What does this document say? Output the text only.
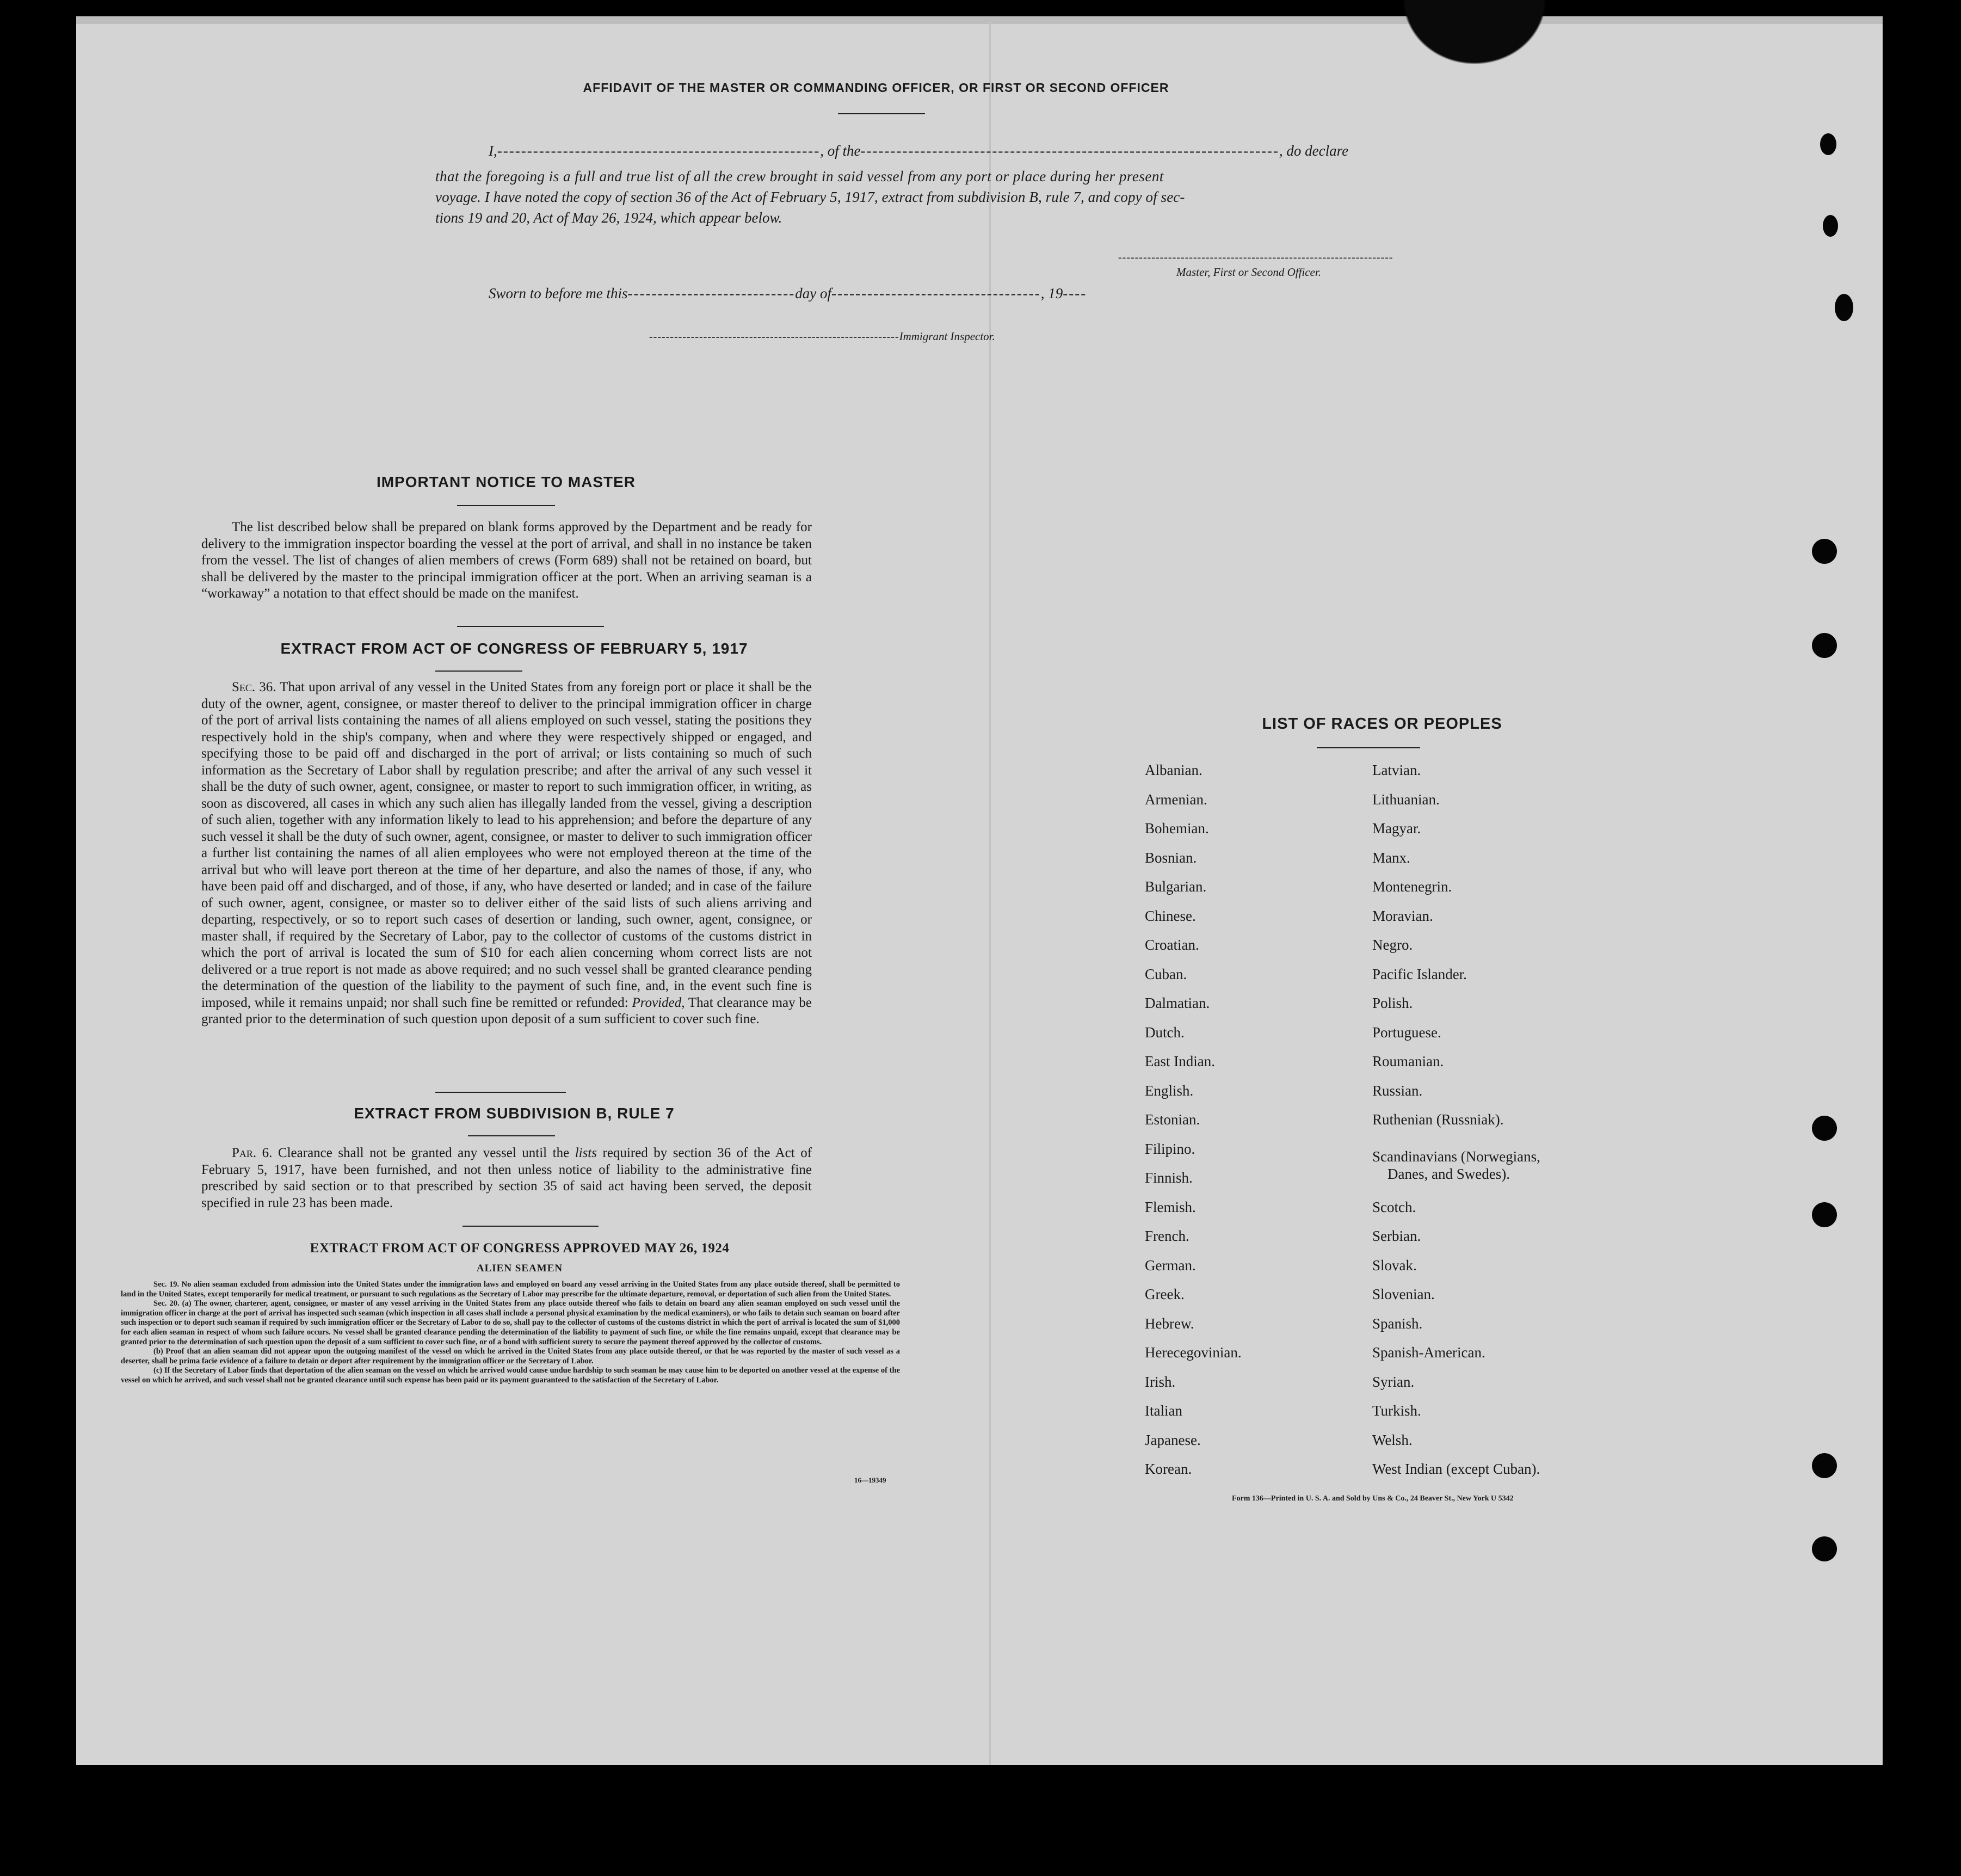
AFFIDAVIT OF THE MASTER OR COMMANDING OFFICER, OR FIRST OR SECOND OFFICER
I,------------------------------------------------------, of the----------------------------------------------------------------------, do declare
that the foregoing is a full and true list of all the crew brought in said vessel from any port or place during her present
voyage. I have noted the copy of section 36 of the Act of February 5, 1917, extract from subdivision B, rule 7, and copy of sec-
tions 19 and 20, Act of May 26, 1924, which appear below.
------------------------------------------------------------------
Master, First or Second Officer.
Sworn to before me this----------------------------day of-----------------------------------, 19----
------------------------------------------------------------Immigrant Inspector.
IMPORTANT NOTICE TO MASTER
The list described below shall be prepared on blank forms approved by the Department and be ready for delivery to the immigration inspector boarding the vessel at the port of arrival, and shall in no instance be taken from the vessel. The list of changes of alien members of crews (Form 689) shall not be retained on board, but shall be delivered by the master to the principal immigration officer at the port. When an arriving seaman is a “workaway” a notation to that effect should be made on the manifest.
EXTRACT FROM ACT OF CONGRESS OF FEBRUARY 5, 1917
Sec. 36. That upon arrival of any vessel in the United States from any foreign port or place it shall be the duty of the owner, agent, consignee, or master thereof to deliver to the principal immigration officer in charge of the port of arrival lists containing the names of all aliens employed on such vessel, stating the positions they respectively hold in the ship's company, when and where they were respectively shipped or engaged, and specifying those to be paid off and discharged in the port of arrival; or lists containing so much of such information as the Secretary of Labor shall by regulation prescribe; and after the arrival of any such vessel it shall be the duty of such owner, agent, consignee, or master to report to such immigration officer, in writing, as soon as discovered, all cases in which any such alien has illegally landed from the vessel, giving a description of such alien, together with any information likely to lead to his apprehension; and before the departure of any such vessel it shall be the duty of such owner, agent, consignee, or master to deliver to such immigration officer a further list containing the names of all alien employees who were not employed thereon at the time of the arrival but who will leave port thereon at the time of her departure, and also the names of those, if any, who have been paid off and discharged, and of those, if any, who have deserted or landed; and in case of the failure of such owner, agent, consignee, or master so to deliver either of the said lists of such aliens arriving and departing, respectively, or so to report such cases of desertion or landing, such owner, agent, consignee, or master shall, if required by the Secretary of Labor, pay to the collector of customs of the customs district in which the port of arrival is located the sum of $10 for each alien concerning whom correct lists are not delivered or a true report is not made as above required; and no such vessel shall be granted clearance pending the determination of the question of the liability to the payment of such fine, and, in the event such fine is imposed, while it remains unpaid; nor shall such fine be remitted or refunded: Provided, That clearance may be granted prior to the determination of such question upon deposit of a sum sufficient to cover such fine.
EXTRACT FROM SUBDIVISION B, RULE 7
Par. 6. Clearance shall not be granted any vessel until the lists required by section 36 of the Act of February 5, 1917, have been furnished, and not then unless notice of liability to the administrative fine prescribed by said section or to that prescribed by section 35 of said act having been served, the deposit specified in rule 23 has been made.
EXTRACT FROM ACT OF CONGRESS APPROVED MAY 26, 1924
ALIEN SEAMEN
Sec. 19. No alien seaman excluded from admission into the United States under the immigration laws and employed on board any vessel arriving in the United States from any place outside thereof, shall be permitted to land in the United States, except temporarily for medical treatment, or pursuant to such regulations as the Secretary of Labor may prescribe for the ultimate departure, removal, or deportation of such alien from the United States.
Sec. 20. (a) The owner, charterer, agent, consignee, or master of any vessel arriving in the United States from any place outside thereof who fails to detain on board any alien seaman employed on such vessel until the immigration officer in charge at the port of arrival has inspected such seaman (which inspection in all cases shall include a personal physical examination by the medical examiners), or who fails to detain such seaman on board after such inspection or to deport such seaman if required by such immigration officer or the Secretary of Labor to do so, shall pay to the collector of customs of the customs district in which the port of arrival is located the sum of $1,000 for each alien seaman in respect of whom such failure occurs. No vessel shall be granted clearance pending the determination of the liability to payment of such fine, or while the fine remains unpaid, except that clearance may be granted prior to the determination of such question upon the deposit of a sum sufficient to cover such fine, or of a bond with sufficient surety to secure the payment thereof approved by the collector of customs.
(b) Proof that an alien seaman did not appear upon the outgoing manifest of the vessel on which he arrived in the United States from any place outside thereof, or that he was reported by the master of such vessel as a deserter, shall be prima facie evidence of a failure to detain or deport after requirement by the immigration officer or the Secretary of Labor.
(c) If the Secretary of Labor finds that deportation of the alien seaman on the vessel on which he arrived would cause undue hardship to such seaman he may cause him to be deported on another vessel at the expense of the vessel on which he arrived, and such vessel shall not be granted clearance until such expense has been paid or its payment guaranteed to the satisfaction of the Secretary of Labor.
16—19349
LIST OF RACES OR PEOPLES
Albanian.
Armenian.
Bohemian.
Bosnian.
Bulgarian.
Chinese.
Croatian.
Cuban.
Dalmatian.
Dutch.
East Indian.
English.
Estonian.
Filipino.
Finnish.
Flemish.
French.
German.
Greek.
Hebrew.
Herecegovinian.
Irish.
Italian
Japanese.
Korean.
Latvian.
Lithuanian.
Magyar.
Manx.
Montenegrin.
Moravian.
Negro.
Pacific Islander.
Polish.
Portuguese.
Roumanian.
Russian.
Ruthenian (Russniak).
Scandinavians (Norwegians,
Danes, and Swedes).
Scotch.
Serbian.
Slovak.
Slovenian.
Spanish.
Spanish-American.
Syrian.
Turkish.
Welsh.
West Indian (except Cuban).
Form 136—Printed in U. S. A. and Sold by Uns & Co., 24 Beaver St., New York U 5342
